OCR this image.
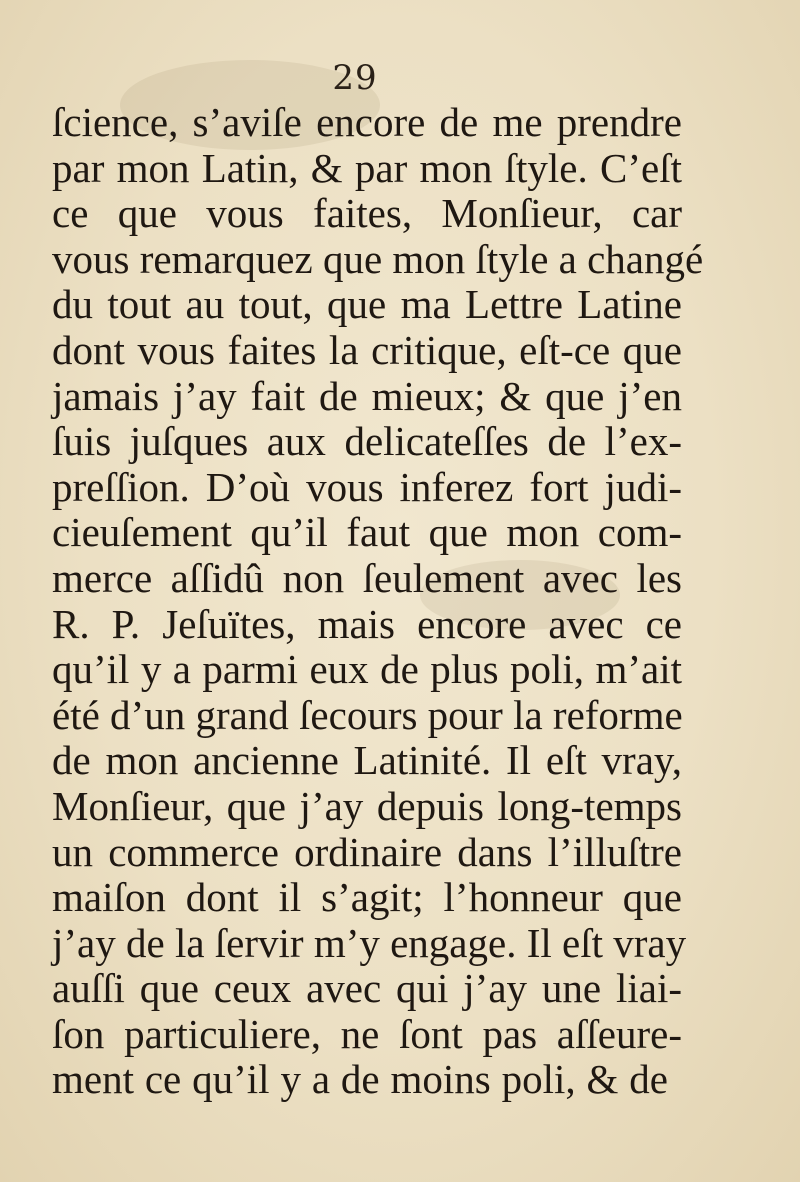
29
ſcience, s’aviſe encore de me prendre
par mon Latin, & par mon ſtyle. C’eſt
ce que vous faites, Monſieur, car
vous remarquez que mon ſtyle a changé
du tout au tout, que ma Lettre Latine
dont vous faites la critique, eſt-ce que
jamais j’ay fait de mieux; & que j’en
ſuis juſques aux delicateſſes de l’ex-
preſſion. D’où vous inferez fort judi-
cieuſement qu’il faut que mon com-
merce aſſidû non ſeulement avec les
R. P. Jeſuïtes, mais encore avec ce
qu’il y a parmi eux de plus poli, m’ait
été d’un grand ſecours pour la reforme
de mon ancienne Latinité. Il eſt vray,
Monſieur, que j’ay depuis long-temps
un commerce ordinaire dans l’illuſtre
maiſon dont il s’agit; l’honneur que
j’ay de la ſervir m’y engage. Il eſt vray
auſſi que ceux avec qui j’ay une liai-
ſon particuliere, ne ſont pas aſſeure-
ment ce qu’il y a de moins poli, & de
